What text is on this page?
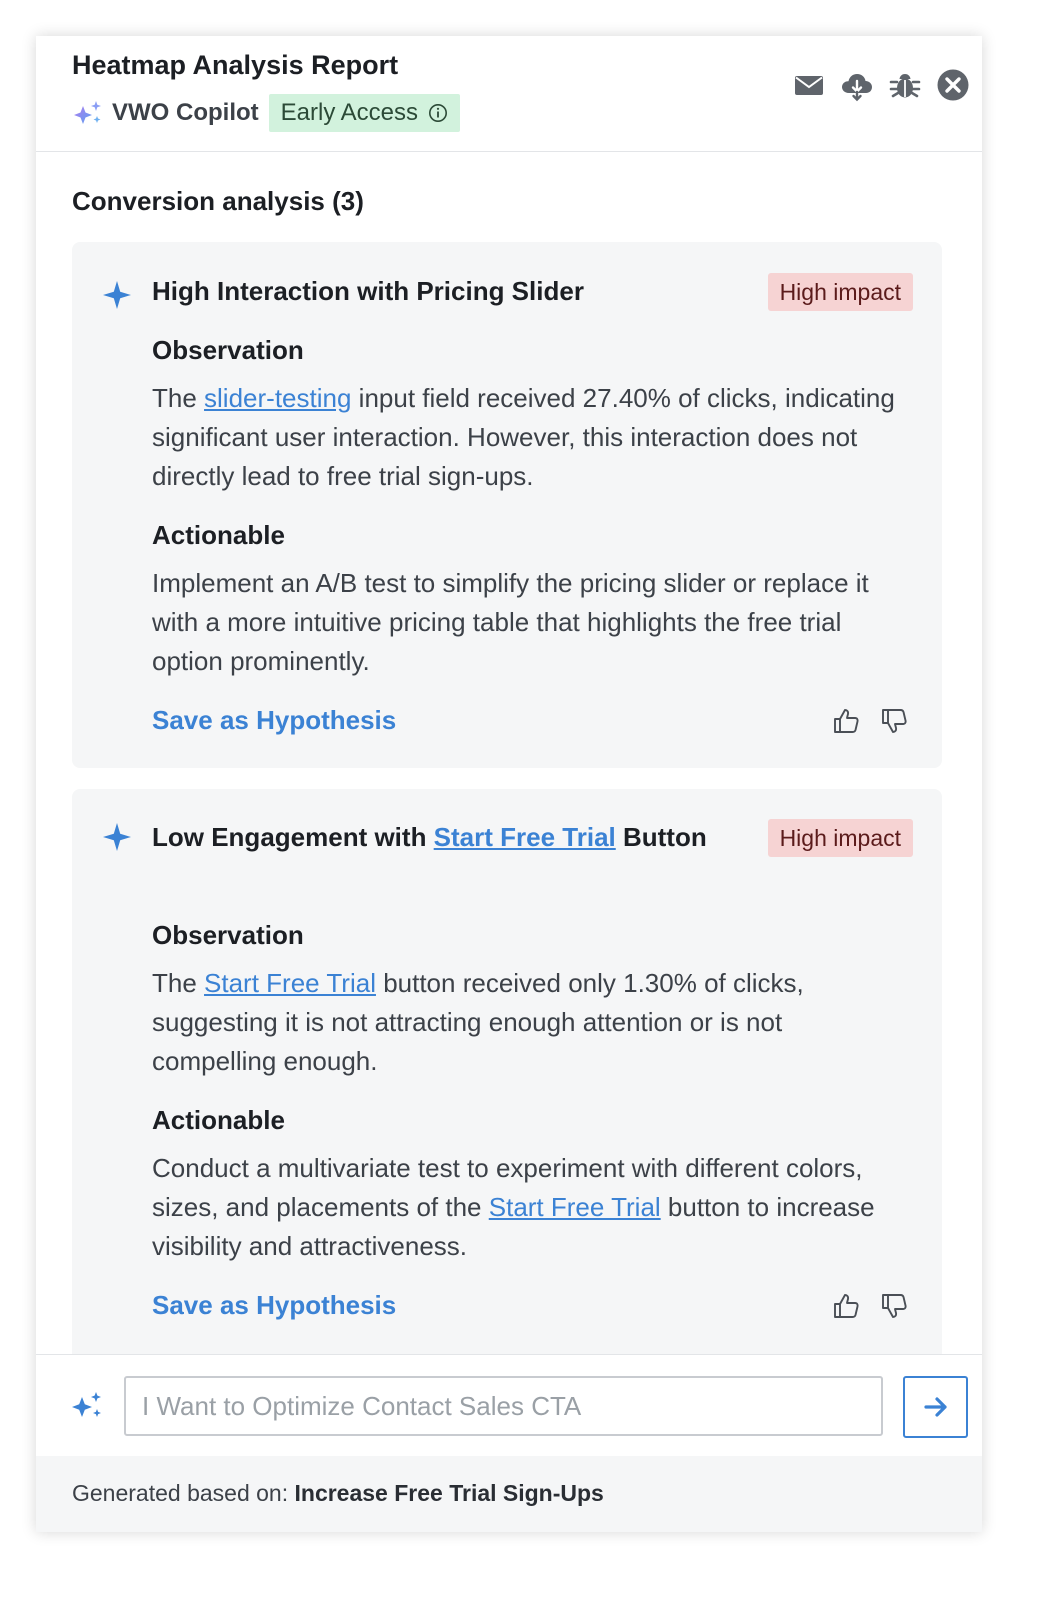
Heatmap Analysis Report
VWO Copilot Early Access
Conversion analysis (3)
High Interaction with Pricing Slider	High impact
Observation
The slider-testing input field received 27.40% of clicks, indicating significant user interaction. However, this interaction does not directly lead to free trial sign-ups.
Actionable
Implement an A/B test to simplify the pricing slider or replace it with a more intuitive pricing table that highlights the free trial option prominently.
Save as Hypothesis
Low Engagement with Start Free Trial Button	High impact
Observation
The Start Free Trial button received only 1.30% of clicks, suggesting it is not attracting enough attention or is not compelling enough.
Actionable
Conduct a multivariate test to experiment with different colors, sizes, and placements of the Start Free Trial button to increase visibility and attractiveness.
Save as Hypothesis
I Want to Optimize Contact Sales CTA
Generated based on: Increase Free Trial Sign-Ups
